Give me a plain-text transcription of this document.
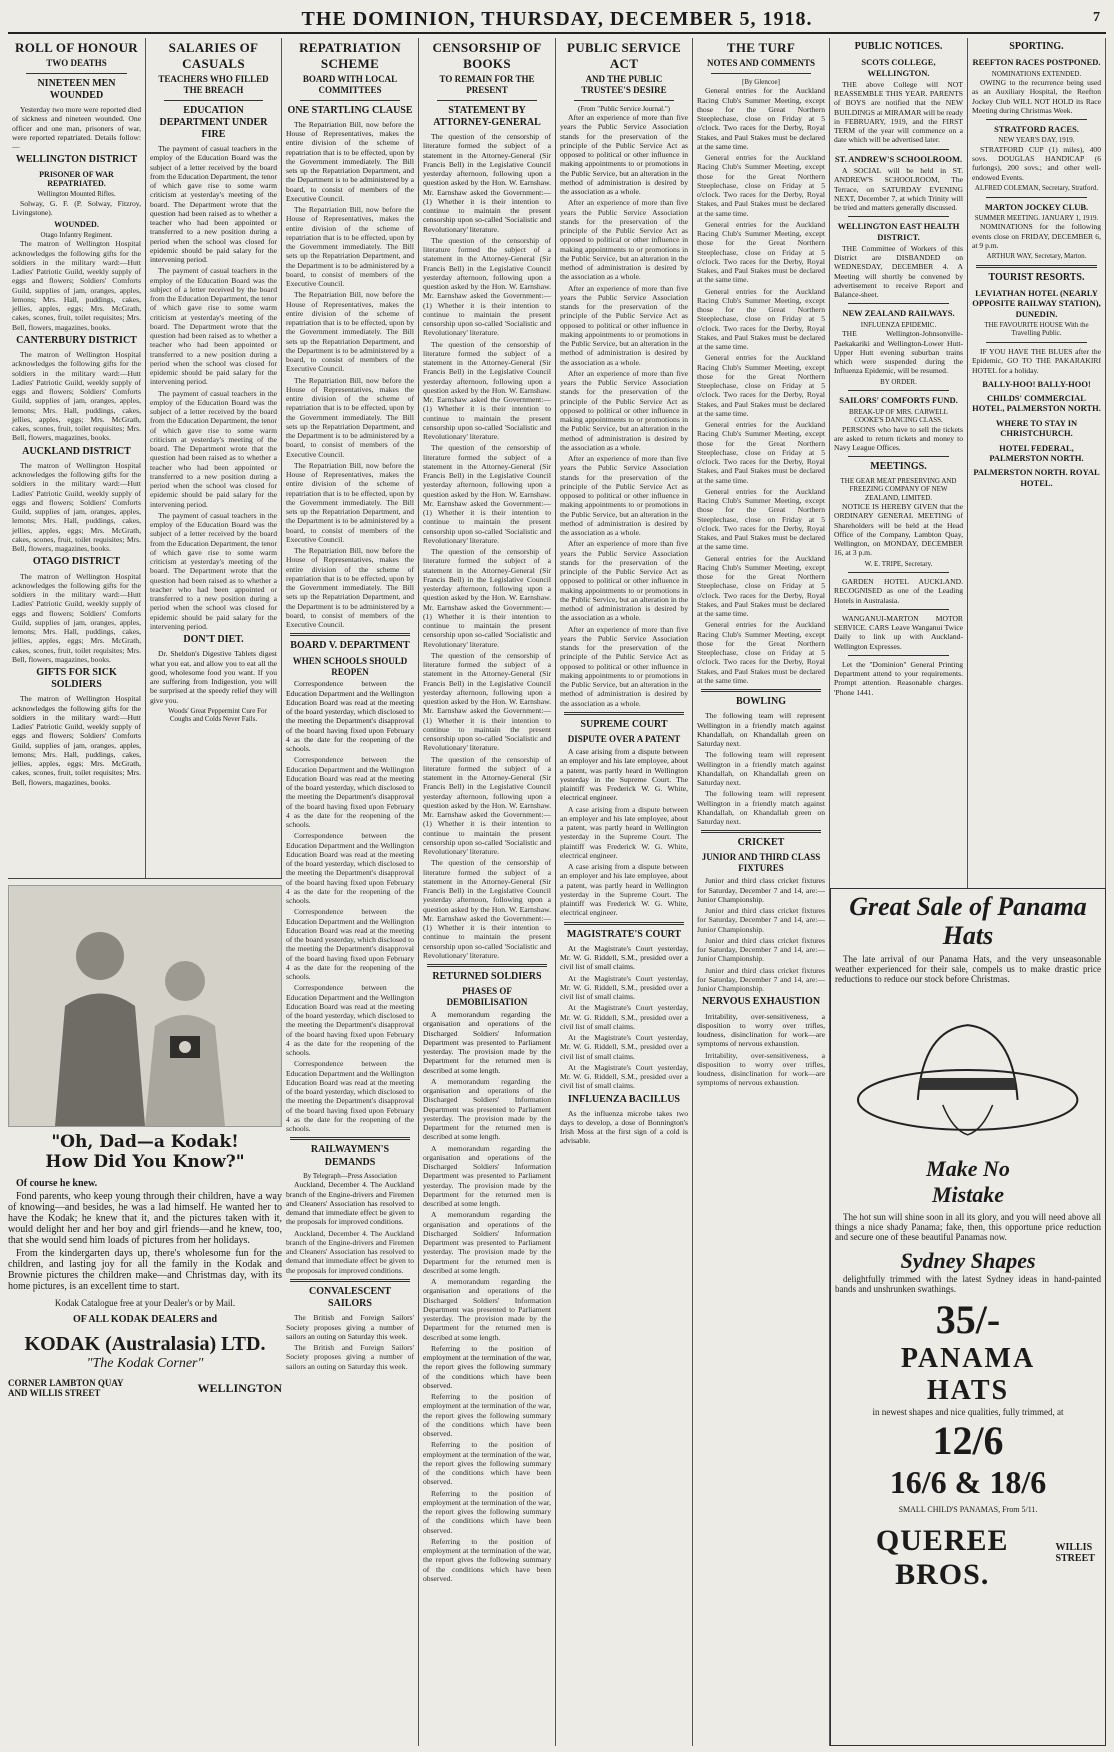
THE DOMINION, THURSDAY, DECEMBER 5, 1918.	7
ROLL OF HONOUR
TWO DEATHS
NINETEEN MEN WOUNDED
Yesterday two more were reported died of sickness and nineteen wounded. One officer and one man, prisoners of war, were reported repatriated. Details follow:—
WELLINGTON DISTRICT
PRISONER OF WAR REPATRIATED.
Wellington Mounted Rifles.
Solway, G. F. (P. Solway, Fitzroy, Livingstone).
WOUNDED.
Otago Infantry Regiment.
The matron of Wellington Hospital acknowledges the following gifts for the soldiers in the military ward:—Hutt Ladies' Patriotic Guild, weekly supply of eggs and flowers; Soldiers' Comforts Guild, supplies of jam, oranges, apples, lemons; Mrs. Hall, puddings, cakes, jellies, apples, eggs; Mrs. McGrath, cakes, scones, fruit, toilet requisites; Mrs. Bell, flowers, magazines, books.
CANTERBURY DISTRICT
The matron of Wellington Hospital acknowledges the following gifts for the soldiers in the military ward:—Hutt Ladies' Patriotic Guild, weekly supply of eggs and flowers; Soldiers' Comforts Guild, supplies of jam, oranges, apples, lemons; Mrs. Hall, puddings, cakes, jellies, apples, eggs; Mrs. McGrath, cakes, scones, fruit, toilet requisites; Mrs. Bell, flowers, magazines, books.
AUCKLAND DISTRICT
The matron of Wellington Hospital acknowledges the following gifts for the soldiers in the military ward:—Hutt Ladies' Patriotic Guild, weekly supply of eggs and flowers; Soldiers' Comforts Guild, supplies of jam, oranges, apples, lemons; Mrs. Hall, puddings, cakes, jellies, apples, eggs; Mrs. McGrath, cakes, scones, fruit, toilet requisites; Mrs. Bell, flowers, magazines, books.
OTAGO DISTRICT
The matron of Wellington Hospital acknowledges the following gifts for the soldiers in the military ward:—Hutt Ladies' Patriotic Guild, weekly supply of eggs and flowers; Soldiers' Comforts Guild, supplies of jam, oranges, apples, lemons; Mrs. Hall, puddings, cakes, jellies, apples, eggs; Mrs. McGrath, cakes, scones, fruit, toilet requisites; Mrs. Bell, flowers, magazines, books.
GIFTS FOR SICK SOLDIERS
The matron of Wellington Hospital acknowledges the following gifts for the soldiers in the military ward:—Hutt Ladies' Patriotic Guild, weekly supply of eggs and flowers; Soldiers' Comforts Guild, supplies of jam, oranges, apples, lemons; Mrs. Hall, puddings, cakes, jellies, apples, eggs; Mrs. McGrath, cakes, scones, fruit, toilet requisites; Mrs. Bell, flowers, magazines, books.
SALARIES OF CASUALS
TEACHERS WHO FILLED THE BREACH
EDUCATION DEPARTMENT UNDER FIRE
The payment of casual teachers in the employ of the Education Board was the subject of a letter received by the board from the Education Department, the tenor of which gave rise to some warm criticism at yesterday's meeting of the board. The Department wrote that the question had been raised as to whether a teacher who had been appointed or transferred to a new position during a period when the school was closed for epidemic should be paid salary for the intervening period.
The payment of casual teachers in the employ of the Education Board was the subject of a letter received by the board from the Education Department, the tenor of which gave rise to some warm criticism at yesterday's meeting of the board. The Department wrote that the question had been raised as to whether a teacher who had been appointed or transferred to a new position during a period when the school was closed for epidemic should be paid salary for the intervening period.
The payment of casual teachers in the employ of the Education Board was the subject of a letter received by the board from the Education Department, the tenor of which gave rise to some warm criticism at yesterday's meeting of the board. The Department wrote that the question had been raised as to whether a teacher who had been appointed or transferred to a new position during a period when the school was closed for epidemic should be paid salary for the intervening period.
The payment of casual teachers in the employ of the Education Board was the subject of a letter received by the board from the Education Department, the tenor of which gave rise to some warm criticism at yesterday's meeting of the board. The Department wrote that the question had been raised as to whether a teacher who had been appointed or transferred to a new position during a period when the school was closed for epidemic should be paid salary for the intervening period.
DON'T DIET.
Dr. Sheldon's Digestive Tablets digest what you eat, and allow you to eat all the good, wholesome food you want. If you are suffering from Indigestion, you will be surprised at the speedy relief they will give you.
Woods' Great Peppermint Cure For Coughs and Colds Never Fails.
"Oh, Dad—a Kodak!
How Did You Know?"
Of course he knew.
Fond parents, who keep young through their children, have a way of knowing—and besides, he was a lad himself. He wanted her to have the Kodak; he knew that it, and the pictures taken with it, would delight her and her boy and girl friends—and he knew, too, that she would send him loads of pictures from her holidays.
From the kindergarten days up, there's wholesome fun for the children, and lasting joy for all the family in the Kodak and Brownie pictures the children make—and Christmas day, with its home pictures, is an excellent time to start.
Kodak Catalogue free at your Dealer's or by Mail.
OF ALL KODAK DEALERS and
KODAK (Australasia) LTD.
"The Kodak Corner"
CORNER LAMBTON QUAY AND WILLIS STREET	WELLINGTON
REPATRIATION SCHEME
BOARD WITH LOCAL COMMITTEES
ONE STARTLING CLAUSE
The Repatriation Bill, now before the House of Representatives, makes the entire division of the scheme of repatriation that is to be effected, upon by the Government immediately. The Bill sets up the Repatriation Department, and the Department is to be administered by a board, to consist of members of the Executive Council.
The Repatriation Bill, now before the House of Representatives, makes the entire division of the scheme of repatriation that is to be effected, upon by the Government immediately. The Bill sets up the Repatriation Department, and the Department is to be administered by a board, to consist of members of the Executive Council.
The Repatriation Bill, now before the House of Representatives, makes the entire division of the scheme of repatriation that is to be effected, upon by the Government immediately. The Bill sets up the Repatriation Department, and the Department is to be administered by a board, to consist of members of the Executive Council.
The Repatriation Bill, now before the House of Representatives, makes the entire division of the scheme of repatriation that is to be effected, upon by the Government immediately. The Bill sets up the Repatriation Department, and the Department is to be administered by a board, to consist of members of the Executive Council.
The Repatriation Bill, now before the House of Representatives, makes the entire division of the scheme of repatriation that is to be effected, upon by the Government immediately. The Bill sets up the Repatriation Department, and the Department is to be administered by a board, to consist of members of the Executive Council.
The Repatriation Bill, now before the House of Representatives, makes the entire division of the scheme of repatriation that is to be effected, upon by the Government immediately. The Bill sets up the Repatriation Department, and the Department is to be administered by a board, to consist of members of the Executive Council.
BOARD V. DEPARTMENT
WHEN SCHOOLS SHOULD REOPEN
Correspondence between the Education Department and the Wellington Education Board was read at the meeting of the board yesterday, which disclosed to the meeting the Department's disapproval of the board having fixed upon February 4 as the date for the reopening of the schools.
Correspondence between the Education Department and the Wellington Education Board was read at the meeting of the board yesterday, which disclosed to the meeting the Department's disapproval of the board having fixed upon February 4 as the date for the reopening of the schools.
Correspondence between the Education Department and the Wellington Education Board was read at the meeting of the board yesterday, which disclosed to the meeting the Department's disapproval of the board having fixed upon February 4 as the date for the reopening of the schools.
Correspondence between the Education Department and the Wellington Education Board was read at the meeting of the board yesterday, which disclosed to the meeting the Department's disapproval of the board having fixed upon February 4 as the date for the reopening of the schools.
Correspondence between the Education Department and the Wellington Education Board was read at the meeting of the board yesterday, which disclosed to the meeting the Department's disapproval of the board having fixed upon February 4 as the date for the reopening of the schools.
Correspondence between the Education Department and the Wellington Education Board was read at the meeting of the board yesterday, which disclosed to the meeting the Department's disapproval of the board having fixed upon February 4 as the date for the reopening of the schools.
RAILWAYMEN'S DEMANDS
By Telegraph—Press Association
Auckland, December 4. The Auckland branch of the Engine-drivers and Firemen and Cleaners' Association has resolved to demand that immediate effect be given to the proposals for improved conditions.
Auckland, December 4. The Auckland branch of the Engine-drivers and Firemen and Cleaners' Association has resolved to demand that immediate effect be given to the proposals for improved conditions.
CONVALESCENT SAILORS
The British and Foreign Sailors' Society proposes giving a number of sailors an outing on Saturday this week.
The British and Foreign Sailors' Society proposes giving a number of sailors an outing on Saturday this week.
CENSORSHIP OF BOOKS
TO REMAIN FOR THE PRESENT
STATEMENT BY ATTORNEY-GENERAL
The question of the censorship of literature formed the subject of a statement in the Attorney-General (Sir Francis Bell) in the Legislative Council yesterday afternoon, following upon a question asked by the Hon. W. Earnshaw. Mr. Earnshaw asked the Government:—(1) Whether it is their intention to continue to maintain the present censorship upon so-called 'Socialistic and Revolutionary' literature.
The question of the censorship of literature formed the subject of a statement in the Attorney-General (Sir Francis Bell) in the Legislative Council yesterday afternoon, following upon a question asked by the Hon. W. Earnshaw. Mr. Earnshaw asked the Government:—(1) Whether it is their intention to continue to maintain the present censorship upon so-called 'Socialistic and Revolutionary' literature.
The question of the censorship of literature formed the subject of a statement in the Attorney-General (Sir Francis Bell) in the Legislative Council yesterday afternoon, following upon a question asked by the Hon. W. Earnshaw. Mr. Earnshaw asked the Government:—(1) Whether it is their intention to continue to maintain the present censorship upon so-called 'Socialistic and Revolutionary' literature.
The question of the censorship of literature formed the subject of a statement in the Attorney-General (Sir Francis Bell) in the Legislative Council yesterday afternoon, following upon a question asked by the Hon. W. Earnshaw. Mr. Earnshaw asked the Government:—(1) Whether it is their intention to continue to maintain the present censorship upon so-called 'Socialistic and Revolutionary' literature.
The question of the censorship of literature formed the subject of a statement in the Attorney-General (Sir Francis Bell) in the Legislative Council yesterday afternoon, following upon a question asked by the Hon. W. Earnshaw. Mr. Earnshaw asked the Government:—(1) Whether it is their intention to continue to maintain the present censorship upon so-called 'Socialistic and Revolutionary' literature.
The question of the censorship of literature formed the subject of a statement in the Attorney-General (Sir Francis Bell) in the Legislative Council yesterday afternoon, following upon a question asked by the Hon. W. Earnshaw. Mr. Earnshaw asked the Government:—(1) Whether it is their intention to continue to maintain the present censorship upon so-called 'Socialistic and Revolutionary' literature.
The question of the censorship of literature formed the subject of a statement in the Attorney-General (Sir Francis Bell) in the Legislative Council yesterday afternoon, following upon a question asked by the Hon. W. Earnshaw. Mr. Earnshaw asked the Government:—(1) Whether it is their intention to continue to maintain the present censorship upon so-called 'Socialistic and Revolutionary' literature.
The question of the censorship of literature formed the subject of a statement in the Attorney-General (Sir Francis Bell) in the Legislative Council yesterday afternoon, following upon a question asked by the Hon. W. Earnshaw. Mr. Earnshaw asked the Government:—(1) Whether it is their intention to continue to maintain the present censorship upon so-called 'Socialistic and Revolutionary' literature.
RETURNED SOLDIERS
PHASES OF DEMOBILISATION
A memorandum regarding the organisation and operations of the Discharged Soldiers' Information Department was presented to Parliament yesterday. The provision made by the Department for the returned men is described at some length.
A memorandum regarding the organisation and operations of the Discharged Soldiers' Information Department was presented to Parliament yesterday. The provision made by the Department for the returned men is described at some length.
A memorandum regarding the organisation and operations of the Discharged Soldiers' Information Department was presented to Parliament yesterday. The provision made by the Department for the returned men is described at some length.
A memorandum regarding the organisation and operations of the Discharged Soldiers' Information Department was presented to Parliament yesterday. The provision made by the Department for the returned men is described at some length.
A memorandum regarding the organisation and operations of the Discharged Soldiers' Information Department was presented to Parliament yesterday. The provision made by the Department for the returned men is described at some length.
Referring to the position of employment at the termination of the war, the report gives the following summary of the conditions which have been observed.
Referring to the position of employment at the termination of the war, the report gives the following summary of the conditions which have been observed.
Referring to the position of employment at the termination of the war, the report gives the following summary of the conditions which have been observed.
Referring to the position of employment at the termination of the war, the report gives the following summary of the conditions which have been observed.
Referring to the position of employment at the termination of the war, the report gives the following summary of the conditions which have been observed.
PUBLIC SERVICE ACT
AND THE PUBLIC TRUSTEE'S DESIRE
(From "Public Service Journal.")
After an experience of more than five years the Public Service Association stands for the preservation of the principle of the Public Service Act as opposed to political or other influence in making appointments to or promotions in the Public Service, but an alteration in the method of administration is desired by the association as a whole.
After an experience of more than five years the Public Service Association stands for the preservation of the principle of the Public Service Act as opposed to political or other influence in making appointments to or promotions in the Public Service, but an alteration in the method of administration is desired by the association as a whole.
After an experience of more than five years the Public Service Association stands for the preservation of the principle of the Public Service Act as opposed to political or other influence in making appointments to or promotions in the Public Service, but an alteration in the method of administration is desired by the association as a whole.
After an experience of more than five years the Public Service Association stands for the preservation of the principle of the Public Service Act as opposed to political or other influence in making appointments to or promotions in the Public Service, but an alteration in the method of administration is desired by the association as a whole.
After an experience of more than five years the Public Service Association stands for the preservation of the principle of the Public Service Act as opposed to political or other influence in making appointments to or promotions in the Public Service, but an alteration in the method of administration is desired by the association as a whole.
After an experience of more than five years the Public Service Association stands for the preservation of the principle of the Public Service Act as opposed to political or other influence in making appointments to or promotions in the Public Service, but an alteration in the method of administration is desired by the association as a whole.
After an experience of more than five years the Public Service Association stands for the preservation of the principle of the Public Service Act as opposed to political or other influence in making appointments to or promotions in the Public Service, but an alteration in the method of administration is desired by the association as a whole.
SUPREME COURT
DISPUTE OVER A PATENT
A case arising from a dispute between an employer and his late employee, about a patent, was partly heard in Wellington yesterday in the Supreme Court. The plaintiff was Frederick W. G. White, electrical engineer.
A case arising from a dispute between an employer and his late employee, about a patent, was partly heard in Wellington yesterday in the Supreme Court. The plaintiff was Frederick W. G. White, electrical engineer.
A case arising from a dispute between an employer and his late employee, about a patent, was partly heard in Wellington yesterday in the Supreme Court. The plaintiff was Frederick W. G. White, electrical engineer.
MAGISTRATE'S COURT
At the Magistrate's Court yesterday, Mr. W. G. Riddell, S.M., presided over a civil list of small claims.
At the Magistrate's Court yesterday, Mr. W. G. Riddell, S.M., presided over a civil list of small claims.
At the Magistrate's Court yesterday, Mr. W. G. Riddell, S.M., presided over a civil list of small claims.
At the Magistrate's Court yesterday, Mr. W. G. Riddell, S.M., presided over a civil list of small claims.
At the Magistrate's Court yesterday, Mr. W. G. Riddell, S.M., presided over a civil list of small claims.
INFLUENZA BACILLUS
As the influenza microbe takes two days to develop, a dose of Bonnington's Irish Moss at the first sign of a cold is advisable.
THE TURF
NOTES AND COMMENTS
[By Glencoe]
General entries for the Auckland Racing Club's Summer Meeting, except those for the Great Northern Steeplechase, close on Friday at 5 o'clock. Two races for the Derby, Royal Stakes, and Paul Stakes must be declared at the same time.
General entries for the Auckland Racing Club's Summer Meeting, except those for the Great Northern Steeplechase, close on Friday at 5 o'clock. Two races for the Derby, Royal Stakes, and Paul Stakes must be declared at the same time.
General entries for the Auckland Racing Club's Summer Meeting, except those for the Great Northern Steeplechase, close on Friday at 5 o'clock. Two races for the Derby, Royal Stakes, and Paul Stakes must be declared at the same time.
General entries for the Auckland Racing Club's Summer Meeting, except those for the Great Northern Steeplechase, close on Friday at 5 o'clock. Two races for the Derby, Royal Stakes, and Paul Stakes must be declared at the same time.
General entries for the Auckland Racing Club's Summer Meeting, except those for the Great Northern Steeplechase, close on Friday at 5 o'clock. Two races for the Derby, Royal Stakes, and Paul Stakes must be declared at the same time.
General entries for the Auckland Racing Club's Summer Meeting, except those for the Great Northern Steeplechase, close on Friday at 5 o'clock. Two races for the Derby, Royal Stakes, and Paul Stakes must be declared at the same time.
General entries for the Auckland Racing Club's Summer Meeting, except those for the Great Northern Steeplechase, close on Friday at 5 o'clock. Two races for the Derby, Royal Stakes, and Paul Stakes must be declared at the same time.
General entries for the Auckland Racing Club's Summer Meeting, except those for the Great Northern Steeplechase, close on Friday at 5 o'clock. Two races for the Derby, Royal Stakes, and Paul Stakes must be declared at the same time.
General entries for the Auckland Racing Club's Summer Meeting, except those for the Great Northern Steeplechase, close on Friday at 5 o'clock. Two races for the Derby, Royal Stakes, and Paul Stakes must be declared at the same time.
BOWLING
The following team will represent Wellington in a friendly match against Khandallah, on Khandallah green on Saturday next.
The following team will represent Wellington in a friendly match against Khandallah, on Khandallah green on Saturday next.
The following team will represent Wellington in a friendly match against Khandallah, on Khandallah green on Saturday next.
CRICKET
JUNIOR AND THIRD CLASS FIXTURES
Junior and third class cricket fixtures for Saturday, December 7 and 14, are:—Junior Championship.
Junior and third class cricket fixtures for Saturday, December 7 and 14, are:—Junior Championship.
Junior and third class cricket fixtures for Saturday, December 7 and 14, are:—Junior Championship.
Junior and third class cricket fixtures for Saturday, December 7 and 14, are:—Junior Championship.
NERVOUS EXHAUSTION
Irritability, over-sensitiveness, a disposition to worry over trifles, loudness, disinclination for work—are symptoms of nervous exhaustion.
Irritability, over-sensitiveness, a disposition to worry over trifles, loudness, disinclination for work—are symptoms of nervous exhaustion.
PUBLIC NOTICES.
SCOTS COLLEGE, WELLINGTON.
THE above College will NOT REASSEMBLE THIS YEAR. PARENTS of BOYS are notified that the NEW BUILDINGS at MIRAMAR will be ready in FEBRUARY, 1919, and the FIRST TERM of the year will commence on a date which will be advertised later.
ST. ANDREW'S SCHOOLROOM.
A SOCIAL will be held in ST. ANDREW'S SCHOOLROOM, The Terrace, on SATURDAY EVENING NEXT, December 7, at which Trinity will be tried and matters generally discussed.
WELLINGTON EAST HEALTH DISTRICT.
THE Committee of Workers of this District are DISBANDED on WEDNESDAY, DECEMBER 4. A Meeting will shortly be convened by advertisement to receive Report and Balance-sheet.
NEW ZEALAND RAILWAYS.
INFLUENZA EPIDEMIC.
THE Wellington-Johnsonville-Paekakariki and Wellington-Lower Hutt-Upper Hutt evening suburban trains which were suspended during the Influenza Epidemic, will be resumed.
BY ORDER.
SAILORS' COMFORTS FUND.
BREAK-UP OF MRS. CARWELL COOKE'S DANCING CLASS.
PERSONS who have to sell the tickets are asked to return tickets and money to Navy League Offices.
MEETINGS.
THE GEAR MEAT PRESERVING AND FREEZING COMPANY OF NEW ZEALAND, LIMITED.
NOTICE IS HEREBY GIVEN that the ORDINARY GENERAL MEETING of Shareholders will be held at the Head Office of the Company, Lambton Quay, Wellington, on MONDAY, DECEMBER 16, at 3 p.m.
W. E. TRIPE, Secretary.
GARDEN HOTEL AUCKLAND. RECOGNISED as one of the Leading Hotels in Australasia.
WANGANUI-MARTON MOTOR SERVICE. CARS Leave Wanganui Twice Daily to link up with Auckland-Wellington Expresses.
Let the "Dominion" General Printing Department attend to your requirements. Prompt attention. Reasonable charges. 'Phone 1441.
SPORTING.
REEFTON RACES POSTPONED.
NOMINATIONS EXTENDED.
OWING to the recurrence being used as an Auxiliary Hospital, the Reefton Jockey Club WILL NOT HOLD its Race Meeting during Christmas Week.
STRATFORD RACES.
NEW YEAR'S DAY, 1919.
STRATFORD CUP (1) miles), 400 sovs. DOUGLAS HANDICAP (6 furlongs), 200 sovs.; and other well-endowed Events.
ALFRED COLEMAN, Secretary, Stratford.
MARTON JOCKEY CLUB.
SUMMER MEETING. JANUARY 1, 1919.
NOMINATIONS for the following events close on FRIDAY, DECEMBER 6, at 9 p.m.
ARTHUR WAY, Secretary, Marton.
TOURIST RESORTS.
LEVIATHAN HOTEL (NEARLY OPPOSITE RAILWAY STATION), DUNEDIN.
THE FAVOURITE HOUSE With the Travelling Public.
IF YOU HAVE THE BLUES after the Epidemic, GO TO THE PAKARAKIRI HOTEL for a holiday.
BALLY-HOO! BALLY-HOO!
CHILDS' COMMERCIAL HOTEL, PALMERSTON NORTH.
WHERE TO STAY IN CHRISTCHURCH.
HOTEL FEDERAL, PALMERSTON NORTH.
PALMERSTON NORTH. ROYAL HOTEL.
Great Sale of Panama Hats
The late arrival of our Panama Hats, and the very unseasonable weather experienced for their sale, compels us to make drastic price reductions to reduce our stock before Christmas.
Make No
Mistake
The hot sun will shine soon in all its glory, and you will need above all things a nice shady Panama; fake, then, this opportune price reduction and secure one of these beautiful Panamas now.
Sydney Shapes
delightfully trimmed with the latest Sydney ideas in hand-painted bands and unshrunken swathings.
35/-
PANAMA
HATS
in newest shapes and nice qualities, fully trimmed, at
12/6
16/6 & 18/6
SMALL CHILD'S PANAMAS, From 5/11.
QUEREE BROS.
WILLIS STREET
